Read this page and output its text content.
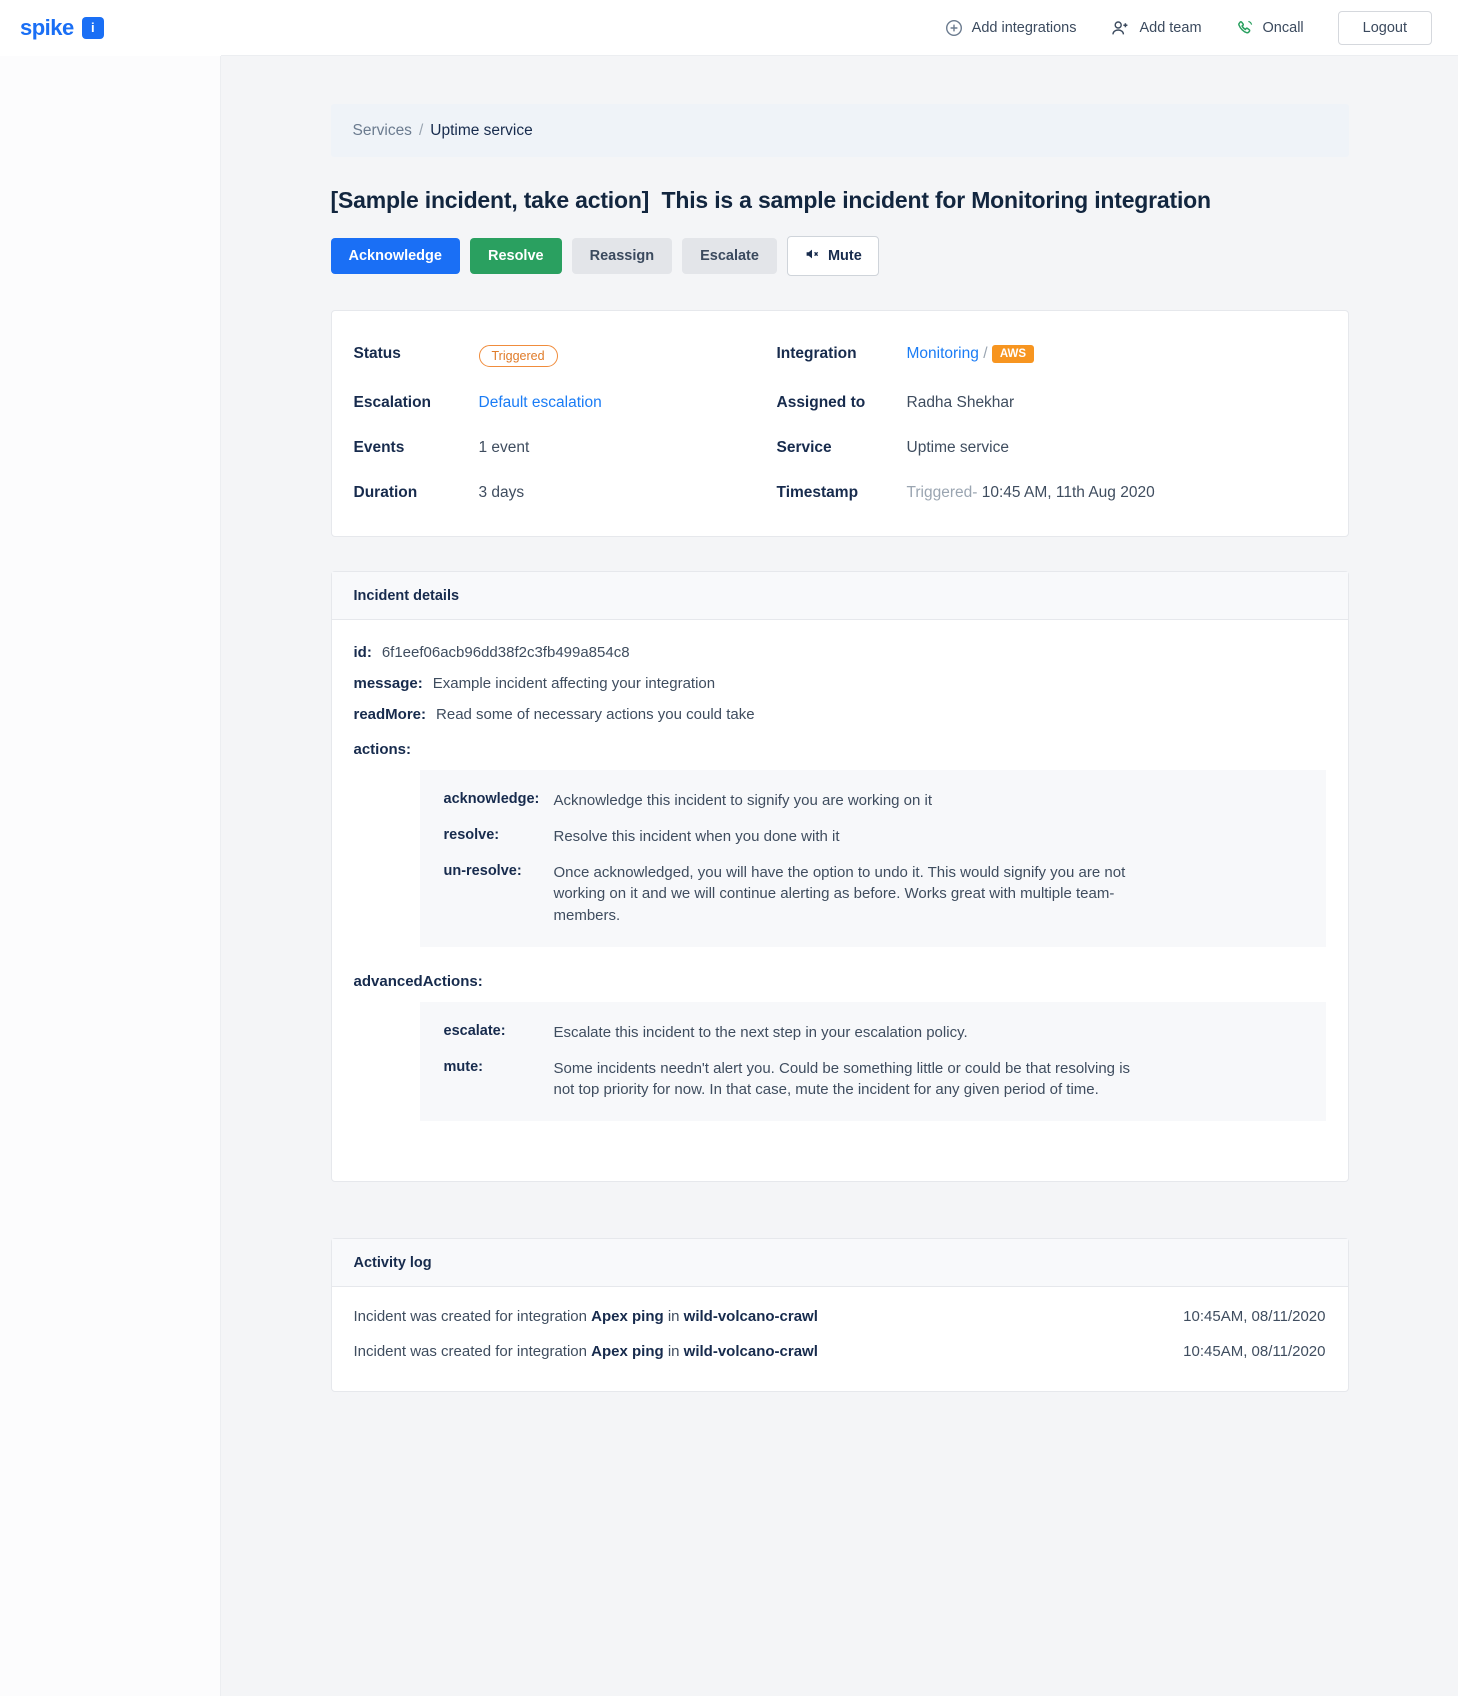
spike	i	Add integrations	Add team	Oncall	Logout
Services / Uptime service
[Sample incident, take action] This is a sample incident for Monitoring integration
Acknowledge	Resolve	Reassign	Escalate	Mute
Status	Triggered	Integration	Monitoring / AWS
Escalation	Default escalation	Assigned to	Radha Shekhar
Events	1 event	Service	Uptime service
Duration	3 days	Timestamp	Triggered- 10:45 AM, 11th Aug 2020
Incident details
id: 6f1eef06acb96dd38f2c3fb499a854c8
message: Example incident affecting your integration
readMore: Read some of necessary actions you could take
actions:
acknowledge: Acknowledge this incident to signify you are working on it
resolve:	Resolve this incident when you done with it
un-resolve:	Once acknowledged, you will have the option to undo it. This would signify you are not working on it and we will continue alerting as before. Works great with multiple team-members.
advancedActions:
escalate:	Escalate this incident to the next step in your escalation policy.
mute:	Some incidents needn't alert you. Could be something little or could be that resolving is not top priority for now. In that case, mute the incident for any given period of time.
Activity log
Incident was created for integration Apex ping in wild-volcano-crawl	10:45AM, 08/11/2020
Incident was created for integration Apex ping in wild-volcano-crawl	10:45AM, 08/11/2020
